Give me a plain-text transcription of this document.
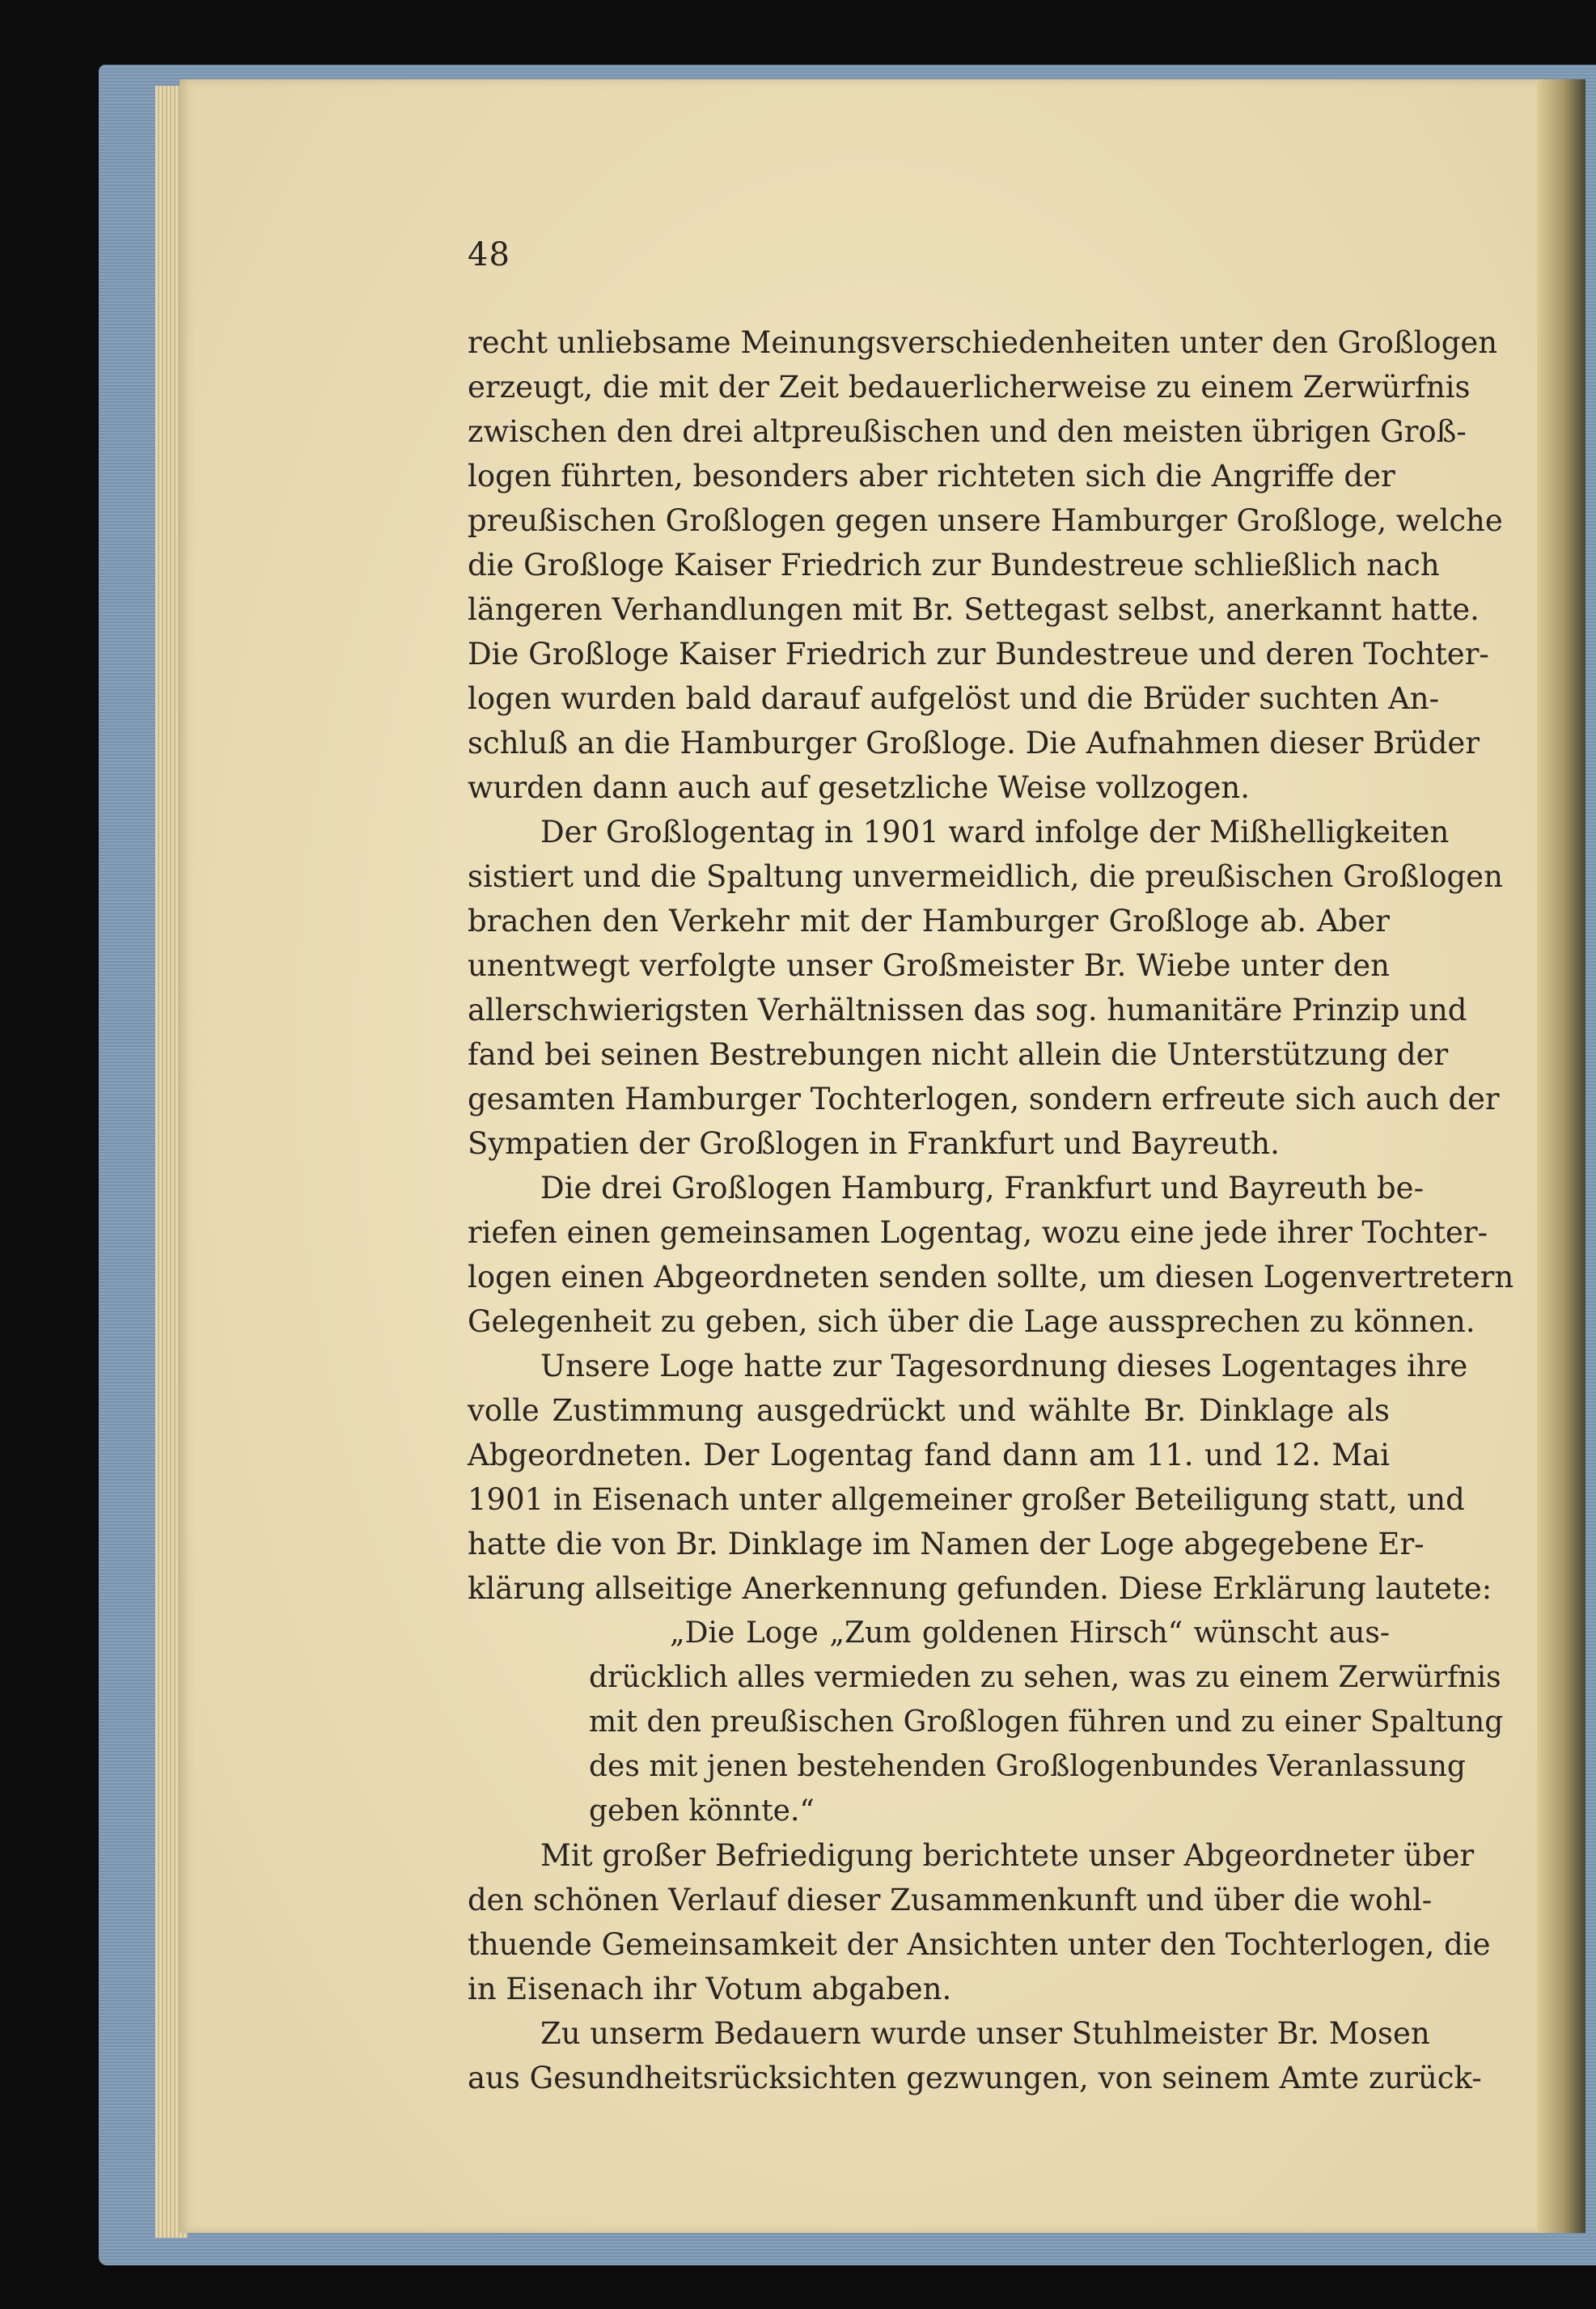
48
recht unliebsame Meinungsverschiedenheiten unter den Großlogen
erzeugt, die mit der Zeit bedauerlicherweise zu einem Zerwürfnis
zwischen den drei altpreußischen und den meisten übrigen Groß-
logen führten, besonders aber richteten sich die Angriffe der
preußischen Großlogen gegen unsere Hamburger Großloge, welche
die Großloge Kaiser Friedrich zur Bundestreue schließlich nach
längeren Verhandlungen mit Br. Settegast selbst, anerkannt hatte.
Die Großloge Kaiser Friedrich zur Bundestreue und deren Tochter-
logen wurden bald darauf aufgelöst und die Brüder suchten An-
schluß an die Hamburger Großloge. Die Aufnahmen dieser Brüder
wurden dann auch auf gesetzliche Weise vollzogen.
Der Großlogentag in 1901 ward infolge der Mißhelligkeiten
sistiert und die Spaltung unvermeidlich, die preußischen Großlogen
brachen den Verkehr mit der Hamburger Großloge ab. Aber
unentwegt verfolgte unser Großmeister Br. Wiebe unter den
allerschwierigsten Verhältnissen das sog. humanitäre Prinzip und
fand bei seinen Bestrebungen nicht allein die Unterstützung der
gesamten Hamburger Tochterlogen, sondern erfreute sich auch der
Sympatien der Großlogen in Frankfurt und Bayreuth.
Die drei Großlogen Hamburg, Frankfurt und Bayreuth be-
riefen einen gemeinsamen Logentag, wozu eine jede ihrer Tochter-
logen einen Abgeordneten senden sollte, um diesen Logenvertretern
Gelegenheit zu geben, sich über die Lage aussprechen zu können.
Unsere Loge hatte zur Tagesordnung dieses Logentages ihre
volle Zustimmung ausgedrückt und wählte Br. Dinklage als
Abgeordneten. Der Logentag fand dann am 11. und 12. Mai
1901 in Eisenach unter allgemeiner großer Beteiligung statt, und
hatte die von Br. Dinklage im Namen der Loge abgegebene Er-
klärung allseitige Anerkennung gefunden. Diese Erklärung lautete:
„Die Loge „Zum goldenen Hirsch“ wünscht aus-
drücklich alles vermieden zu sehen, was zu einem Zerwürfnis
mit den preußischen Großlogen führen und zu einer Spaltung
des mit jenen bestehenden Großlogenbundes Veranlassung
geben könnte.“
Mit großer Befriedigung berichtete unser Abgeordneter über
den schönen Verlauf dieser Zusammenkunft und über die wohl-
thuende Gemeinsamkeit der Ansichten unter den Tochterlogen, die
in Eisenach ihr Votum abgaben.
Zu unserm Bedauern wurde unser Stuhlmeister Br. Mosen
aus Gesundheitsrücksichten gezwungen, von seinem Amte zurück-
